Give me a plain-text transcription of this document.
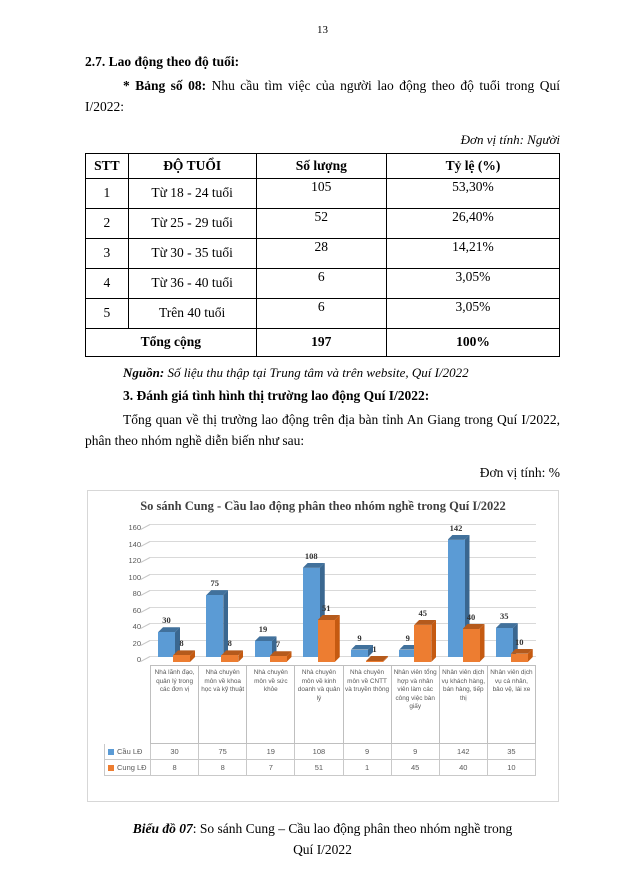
13
2.7. Lao động theo độ tuổi:

* Bảng số 08: Nhu cầu tìm việc của người lao động theo độ tuổi trong Quí I/2022:

Đơn vị tính: Người
STT	ĐỘ TUỔI	Số lượng	Tỷ lệ (%)
1	Từ 18 - 24 tuổi	105	53,30%
2	Từ 25 - 29 tuổi	52	26,40%
3	Từ 30 - 35 tuổi	28	14,21%
4	Từ 36 - 40 tuổi	6	3,05%
5	Trên 40 tuổi	6	3,05%
Tổng cộng		197	100%
Nguồn: Số liệu thu thập tại Trung tâm và trên website, Quí I/2022
3. Đánh giá tình hình thị trường lao động Quí I/2022:

Tổng quan về thị trường lao động trên địa bàn tỉnh An Giang trong Quí I/2022, phân theo nhóm nghề diễn biến như sau:

Đơn vị tính: %
So sánh Cung - Cầu lao động phân theo nhóm nghề trong Quí I/2022
0
20
40
60
80
100
120
140
160
30
8
75
8
19
7
108
51
9
1
9
45
142
40	35
10
Nhà lãnh đạo, quản lý trong các đơn vị
Nhà chuyên môn về khoa học và kỹ thuật
Nhà chuyên môn về sức khỏe
Nhà chuyên môn về kinh doanh và quản lý
Nhà chuyên môn về CNTT và truyền thông
Nhân viên tổng hợp và nhân viên làm các công việc bàn giấy
Nhân viên dịch vụ khách hàng, bán hàng, tiếp thị
Nhân viên dịch vụ cá nhân, bảo vệ, lái xe
Cầu LĐ	30	75	19	108	9	9	142	35
Cung LĐ	8	8	7	51	1	45	40	10
Biểu đồ 07: So sánh Cung – Cầu lao động phân theo nhóm nghề trong Quí I/2022
